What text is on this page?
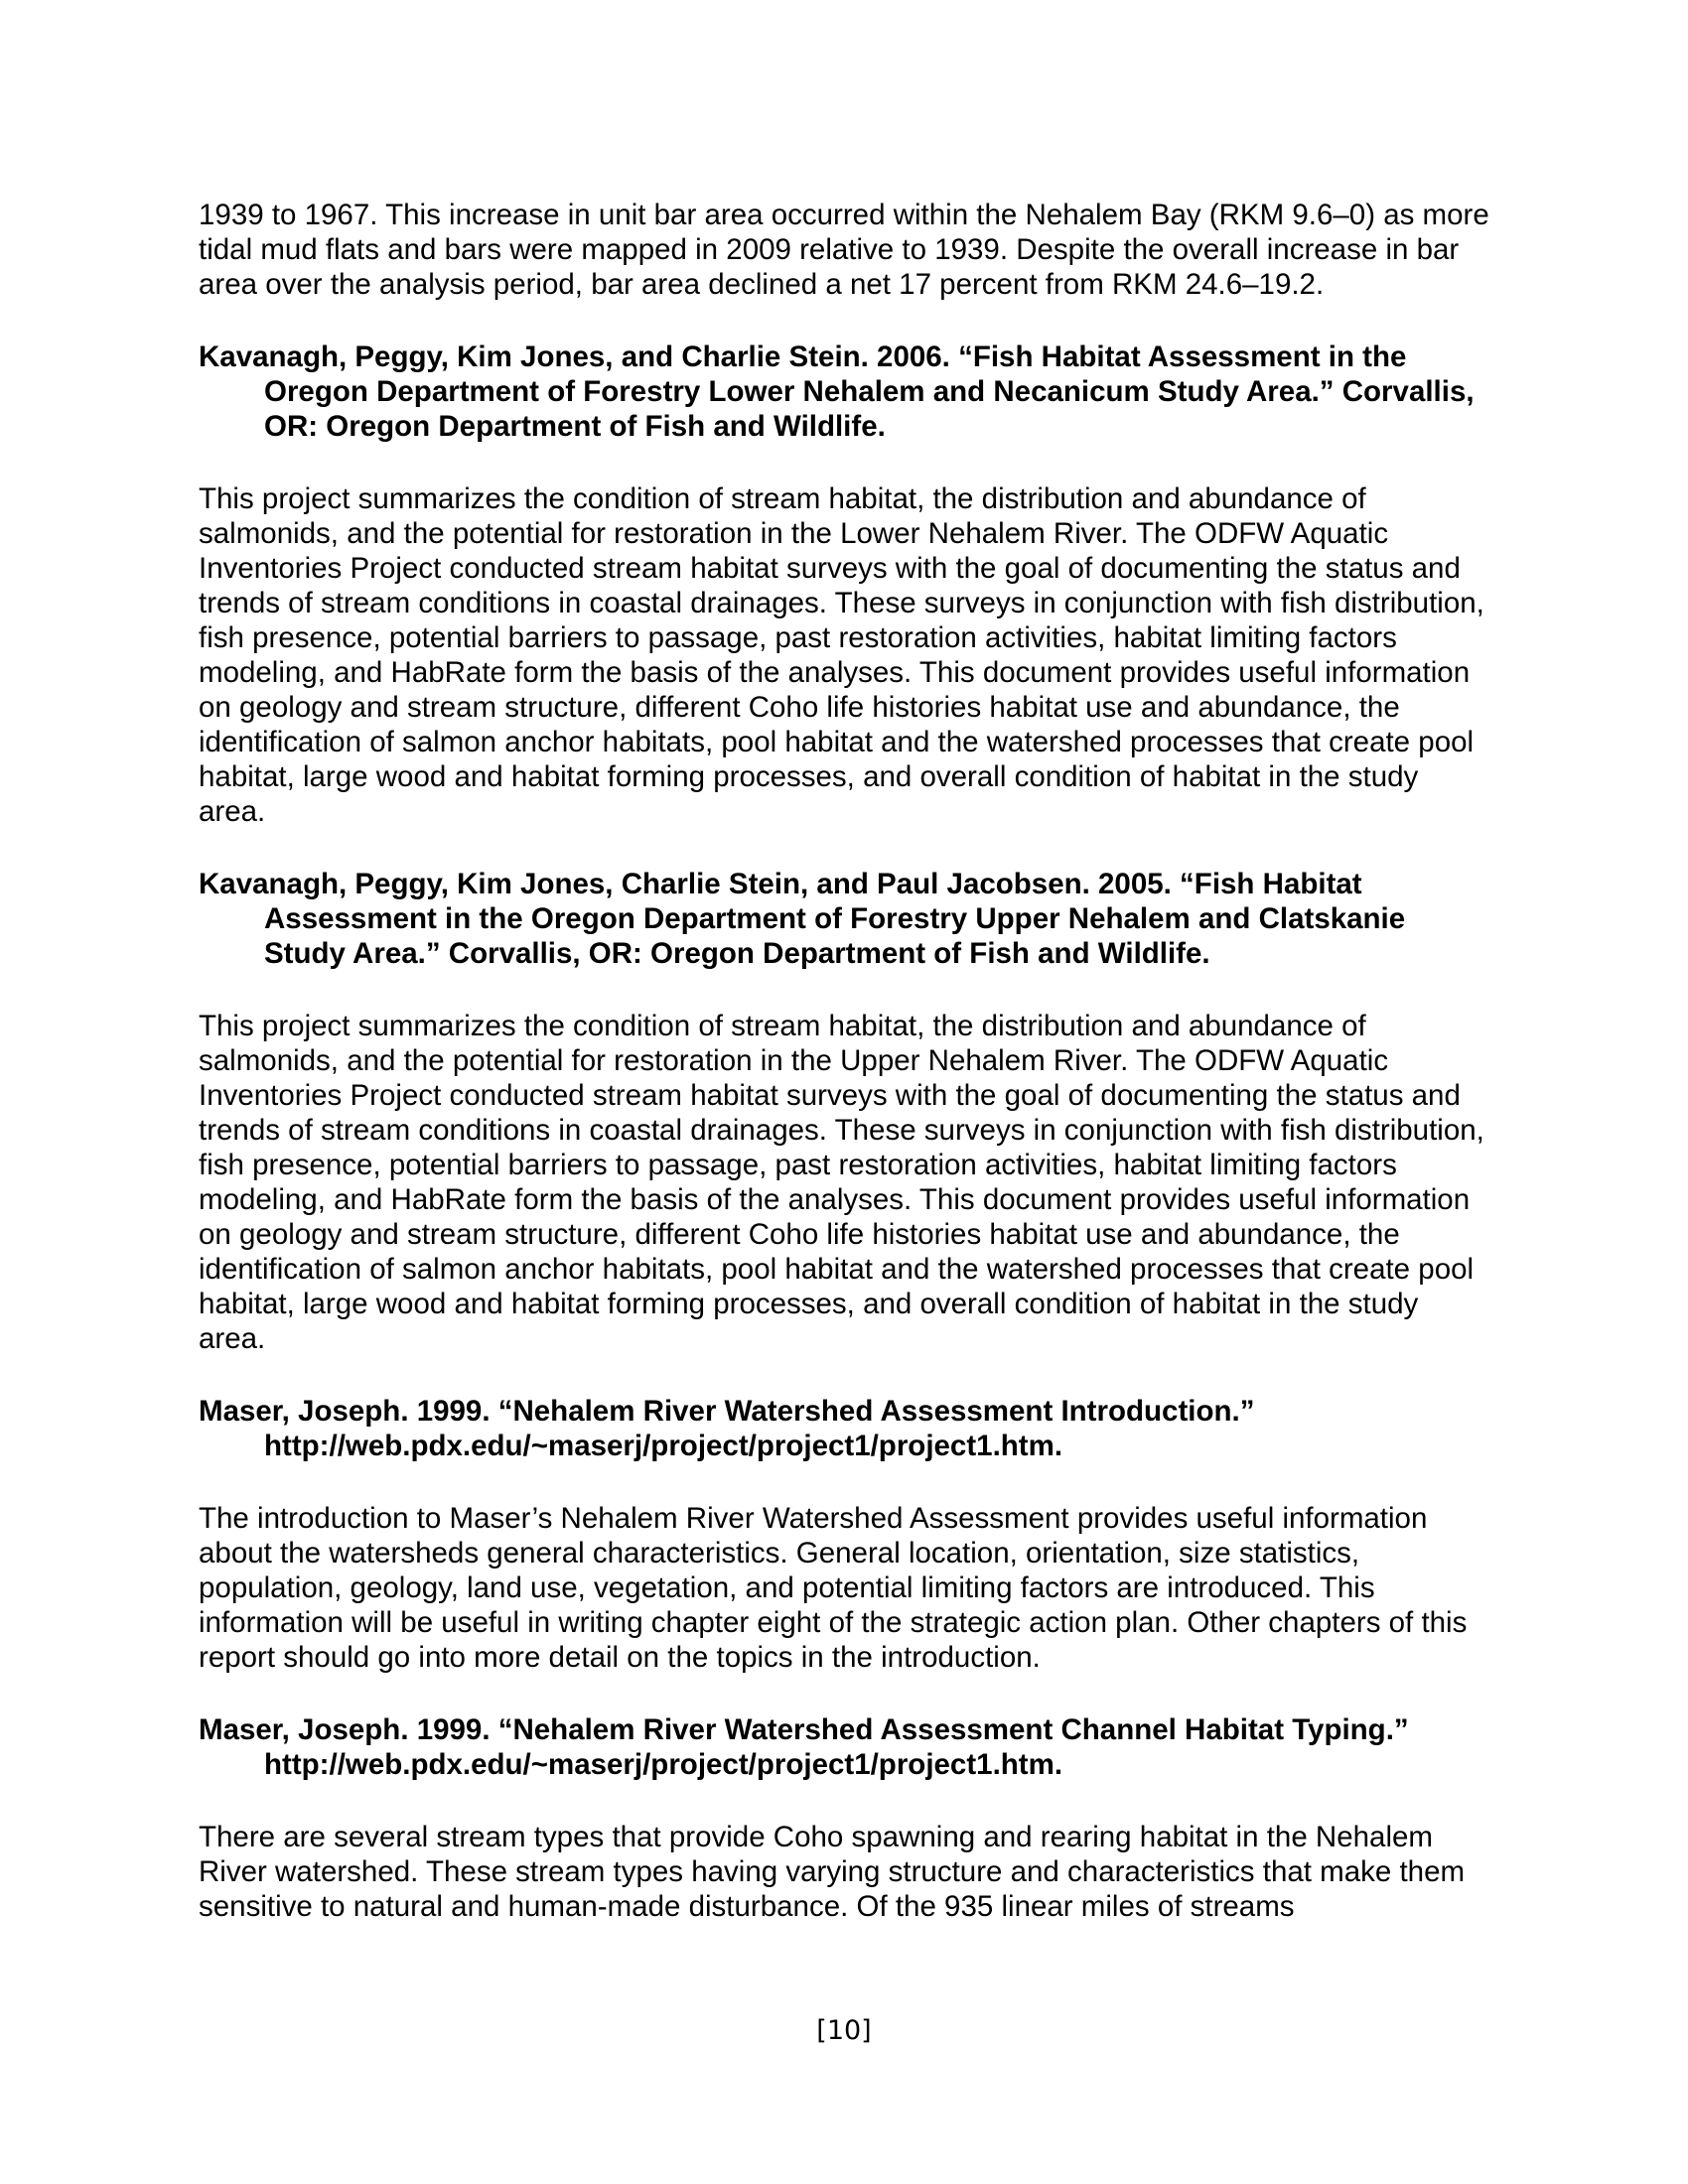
1939 to 1967. This increase in unit bar area occurred within the Nehalem Bay (RKM 9.6–0) as more tidal mud flats and bars were mapped in 2009 relative to 1939. Despite the overall increase in bar area over the analysis period, bar area declined a net 17 percent from RKM 24.6–19.2.

Kavanagh, Peggy, Kim Jones, and Charlie Stein. 2006. “Fish Habitat Assessment in the Oregon Department of Forestry Lower Nehalem and Necanicum Study Area.” Corvallis, OR: Oregon Department of Fish and Wildlife.

This project summarizes the condition of stream habitat, the distribution and abundance of salmonids, and the potential for restoration in the Lower Nehalem River. The ODFW Aquatic Inventories Project conducted stream habitat surveys with the goal of documenting the status and trends of stream conditions in coastal drainages. These surveys in conjunction with fish distribution, fish presence, potential barriers to passage, past restoration activities, habitat limiting factors modeling, and HabRate form the basis of the analyses. This document provides useful information on geology and stream structure, different Coho life histories habitat use and abundance, the identification of salmon anchor habitats, pool habitat and the watershed processes that create pool habitat, large wood and habitat forming processes, and overall condition of habitat in the study area.

Kavanagh, Peggy, Kim Jones, Charlie Stein, and Paul Jacobsen. 2005. “Fish Habitat Assessment in the Oregon Department of Forestry Upper Nehalem and Clatskanie Study Area.” Corvallis, OR: Oregon Department of Fish and Wildlife.

This project summarizes the condition of stream habitat, the distribution and abundance of salmonids, and the potential for restoration in the Upper Nehalem River. The ODFW Aquatic Inventories Project conducted stream habitat surveys with the goal of documenting the status and trends of stream conditions in coastal drainages. These surveys in conjunction with fish distribution, fish presence, potential barriers to passage, past restoration activities, habitat limiting factors modeling, and HabRate form the basis of the analyses. This document provides useful information on geology and stream structure, different Coho life histories habitat use and abundance, the identification of salmon anchor habitats, pool habitat and the watershed processes that create pool habitat, large wood and habitat forming processes, and overall condition of habitat in the study area.

Maser, Joseph. 1999. “Nehalem River Watershed Assessment Introduction.” http://web.pdx.edu/~maserj/project/project1/project1.htm.

The introduction to Maser’s Nehalem River Watershed Assessment provides useful information about the watersheds general characteristics. General location, orientation, size statistics, population, geology, land use, vegetation, and potential limiting factors are introduced. This information will be useful in writing chapter eight of the strategic action plan. Other chapters of this report should go into more detail on the topics in the introduction.

Maser, Joseph. 1999. “Nehalem River Watershed Assessment Channel Habitat Typing.” http://web.pdx.edu/~maserj/project/project1/project1.htm.

There are several stream types that provide Coho spawning and rearing habitat in the Nehalem River watershed. These stream types having varying structure and characteristics that make them sensitive to natural and human-made disturbance. Of the 935 linear miles of streams

[10]
